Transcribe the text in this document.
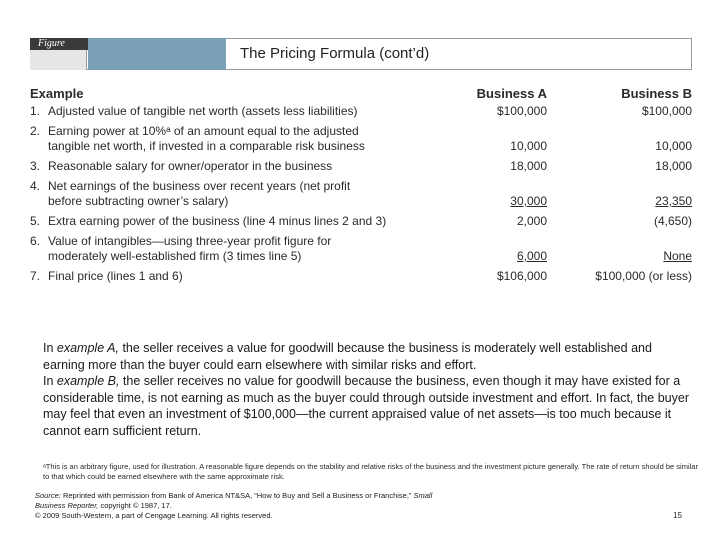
Figure
The Pricing Formula (cont’d)
Example		Business A	Business B
1.	Adjusted value of tangible net worth (assets less liabilities)	$100,000	$100,000
2.	Earning power at 10%ᵃ of an amount equal to the adjusted
tangible net worth, if invested in a comparable risk business	10,000	10,000
3.	Reasonable salary for owner/operator in the business	18,000	18,000
4.	Net earnings of the business over recent years (net profit
before subtracting owner’s salary)	30,000	23,350
5.	Extra earning power of the business (line 4 minus lines 2 and 3)	2,000	(4,650)
6.	Value of intangibles—using three-year profit figure for
moderately well-established firm (3 times line 5)	6,000	None
7.	Final price (lines 1 and 6)	$106,000	$100,000 (or less)

In example A, the seller receives a value for goodwill because the business is moderately well established and earning more than the buyer could earn elsewhere with similar risks and effort.

In example B, the seller receives no value for goodwill because the business, even though it may have existed for a considerable time, is not earning as much as the buyer could through outside investment and effort. In fact, the buyer may feel that even an investment of $100,000—the current appraised value of net assets—is too much because it cannot earn sufficient return.

ᵃThis is an arbitrary figure, used for illustration. A reasonable figure depends on the stability and relative risks of the business and the investment picture generally. The rate of return should be similar to that which could be earned elsewhere with the same approximate risk.
Source: Reprinted with permission from Bank of America NT&SA, “How to Buy and Sell a Business or Franchise,” Small Business Reporter, copyright © 1987, 17.
© 2009 South-Western, a part of Cengage Learning. All rights reserved.	15
